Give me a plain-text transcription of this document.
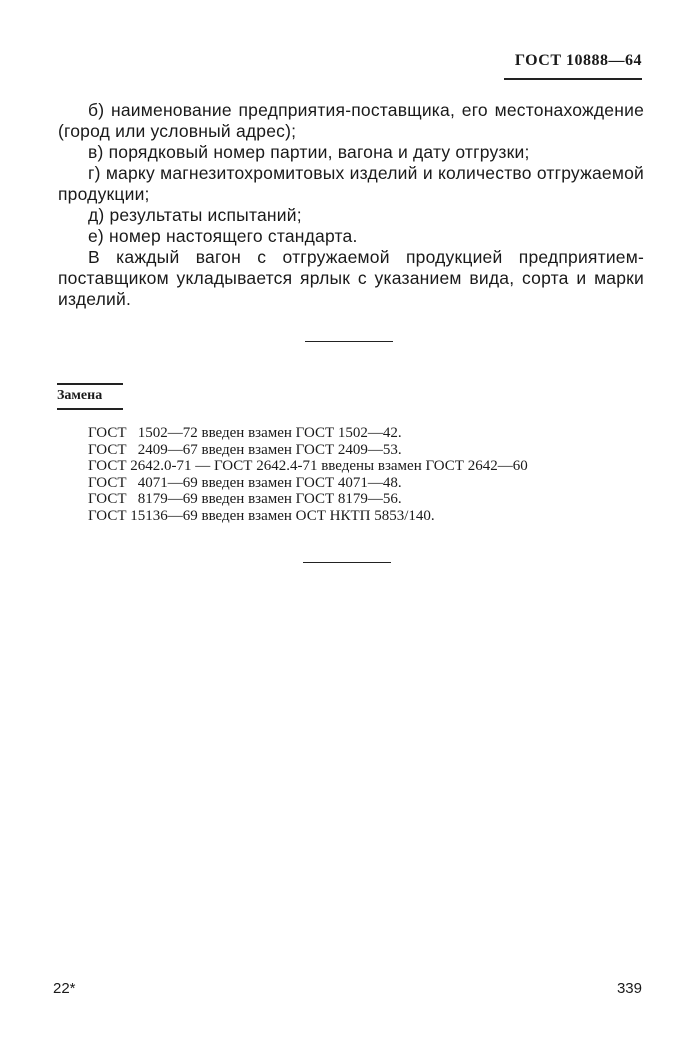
ГОСТ 10888—64

б) наименование предприятия-поставщика, его местонахождение (город или условный адрес);

в) порядковый номер партии, вагона и дату отгрузки;

г) марку магнезитохромитовых изделий и количество отгружаемой продукции;

д) результаты испытаний;

е) номер настоящего стандарта.

В каждый вагон с отгружаемой продукцией предприятием-поставщиком укладывается ярлык с указанием вида, сорта и марки изделий.

Замена
ГОСТ   1502—72 введен взамен ГОСТ 1502—42.
ГОСТ   2409—67 введен взамен ГОСТ 2409—53.
ГОСТ 2642.0-71 — ГОСТ 2642.4-71 введены взамен ГОСТ 2642—60
ГОСТ   4071—69 введен взамен ГОСТ 4071—48.
ГОСТ   8179—69 введен взамен ГОСТ 8179—56.
ГОСТ 15136—69 введен взамен ОСТ НКТП 5853/140.
22*	339
